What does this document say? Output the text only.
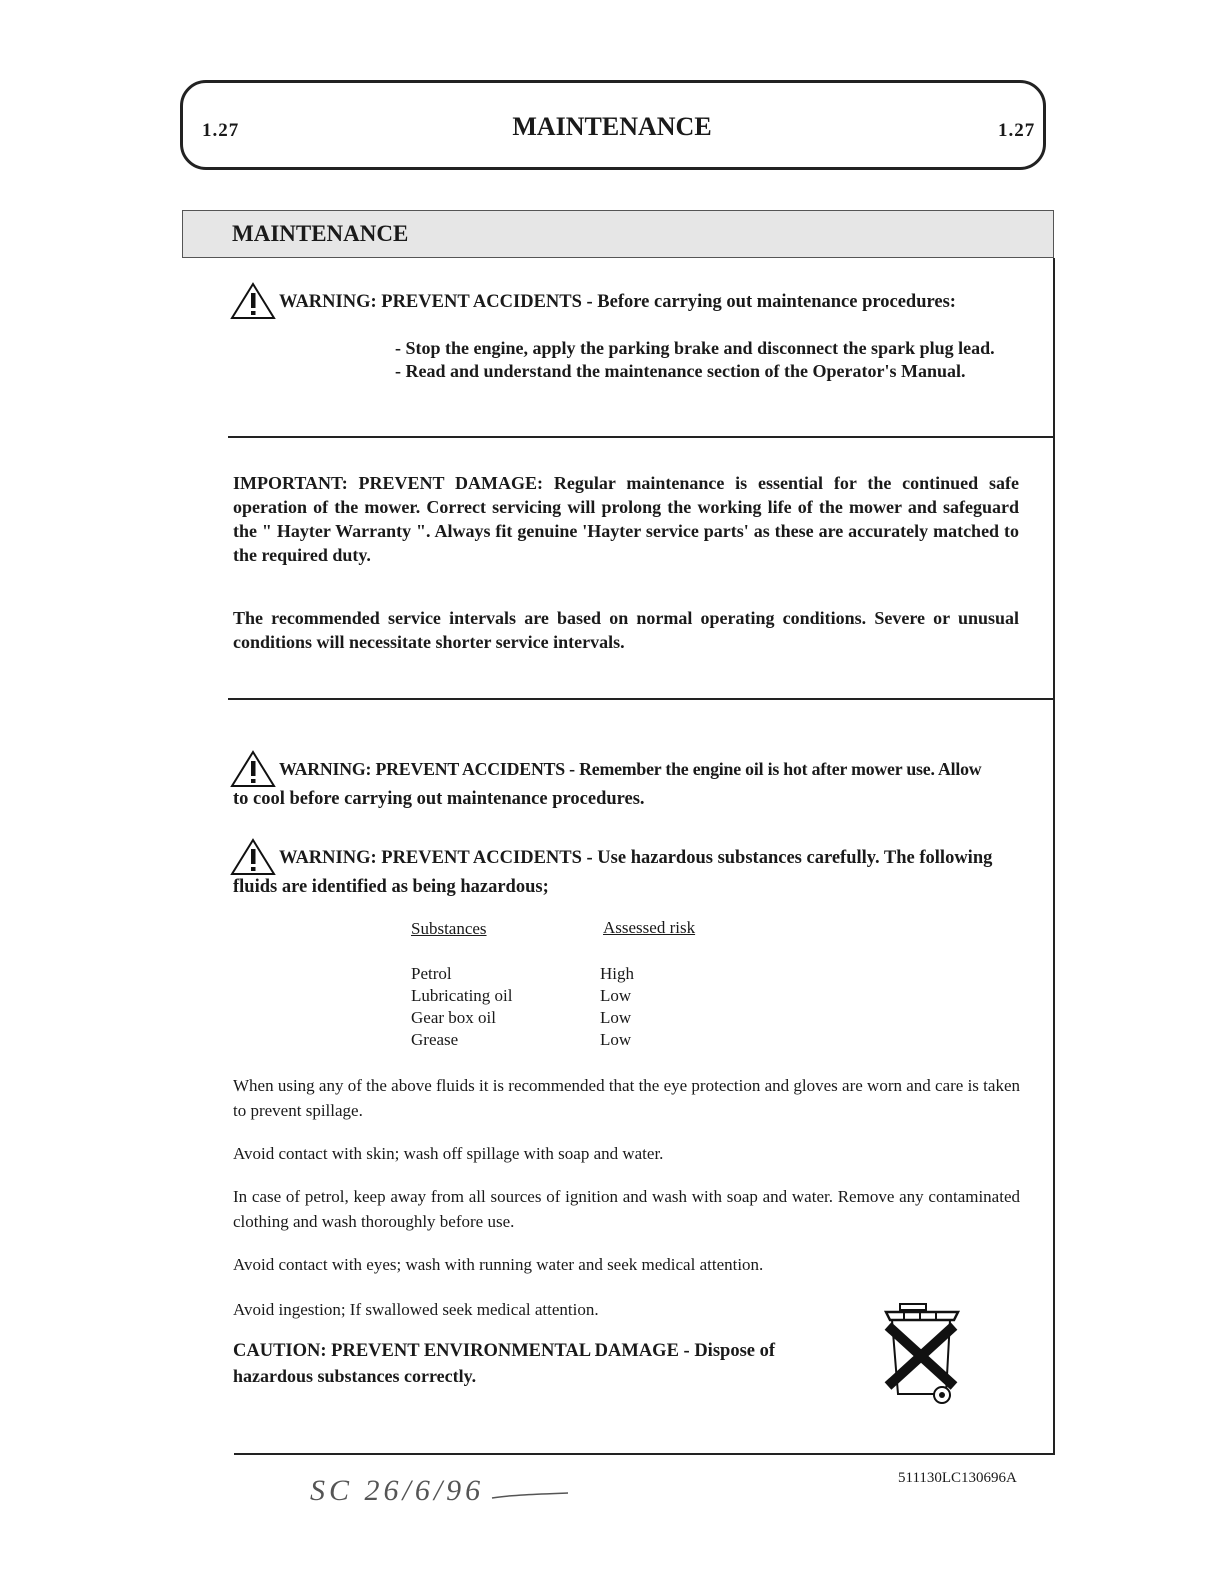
1.27	MAINTENANCE	1.27
MAINTENANCE
WARNING: PREVENT ACCIDENTS - Before carrying out maintenance procedures:
- Stop the engine, apply the parking brake and disconnect the spark plug lead.
- Read and understand the maintenance section of the Operator's Manual.
IMPORTANT: PREVENT DAMAGE: Regular maintenance is essential for the continued safe operation of the mower. Correct servicing will prolong the working life of the mower and safeguard the " Hayter Warranty ". Always fit genuine 'Hayter service parts' as these are accurately matched to the required duty.
The recommended service intervals are based on normal operating conditions. Severe or unusual conditions will necessitate shorter service intervals.
WARNING: PREVENT ACCIDENTS - Remember the engine oil is hot after mower use. Allow
to cool before carrying out maintenance procedures.
WARNING: PREVENT ACCIDENTS - Use hazardous substances carefully. The following
fluids are identified as being hazardous;
Substances	Assessed risk
Petrol	High
Lubricating oil	Low
Gear box oil	Low
Grease	Low
When using any of the above fluids it is recommended that the eye protection and gloves are worn and care is taken to prevent spillage.
Avoid contact with skin; wash off spillage with soap and water.
In case of petrol, keep away from all sources of ignition and wash with soap and water. Remove any contaminated clothing and wash thoroughly before use.
Avoid contact with eyes; wash with running water and seek medical attention.
Avoid ingestion; If swallowed seek medical attention.
CAUTION: PREVENT ENVIRONMENTAL DAMAGE - Dispose of
hazardous substances correctly.
511130LC130696A
SC 26/6/96
